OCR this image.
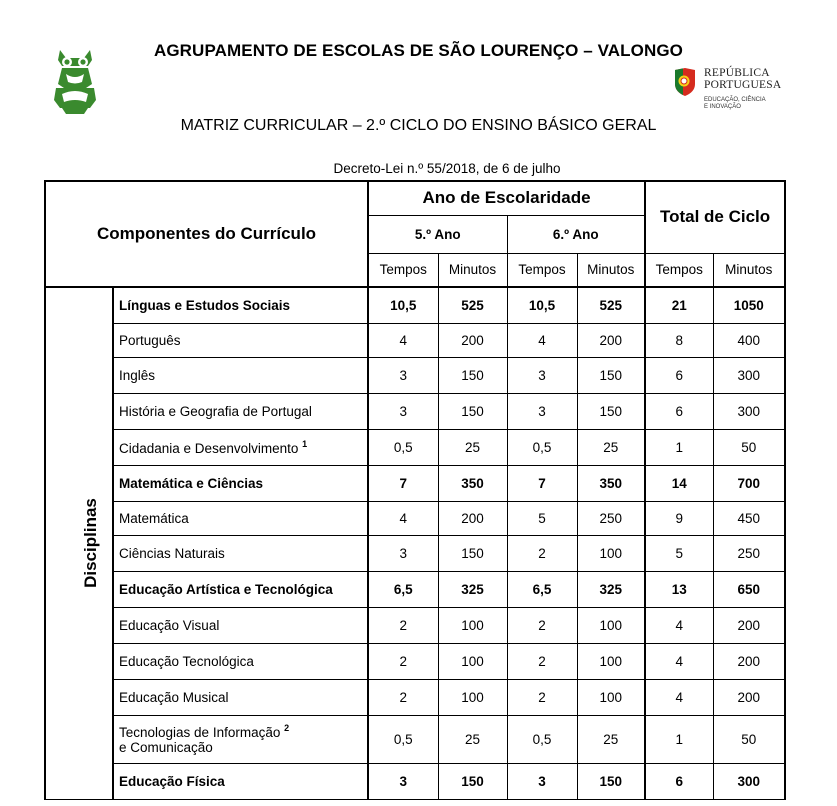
AGRUPAMENTO DE ESCOLAS DE SÃO LOURENÇO – VALONGO
REPÚBLICA
PORTUGUESA
EDUCAÇÃO, CIÊNCIA
E INOVAÇÃO
MATRIZ CURRICULAR – 2.º CICLO DO ENSINO BÁSICO GERAL
Decreto-Lei n.º 55/2018, de 6 de julho
Componentes do Currículo		Ano de Escolaridade				Total de Ciclo	
		5.º Ano		6.º Ano			
		Tempos	Minutos	Tempos	Minutos	Tempos	Minutos
Disciplinas	Línguas e Estudos Sociais	10,5	525	10,5	525	21	1050
	Português	4	200	4	200	8	400
	Inglês	3	150	3	150	6	300
	História e Geografia de Portugal	3	150	3	150	6	300
	Cidadania e Desenvolvimento $^1$	0,5	25	0,5	25	1	50
	Matemática e Ciências	7	350	7	350	14	700
	Matemática	4	200	5	250	9	450
	Ciências Naturais	3	150	2	100	5	250
	Educação Artística e Tecnológica	6,5	325	6,5	325	13	650
	Educação Visual	2	100	2	100	4	200
	Educação Tecnológica	2	100	2	100	4	200
	Educação Musical	2	100	2	100	4	200
	Tecnologias de Informação $^2$
e Comunicação	0,5	25	0,5	25	1	50
	Educação Física	3	150	3	150	6	300
